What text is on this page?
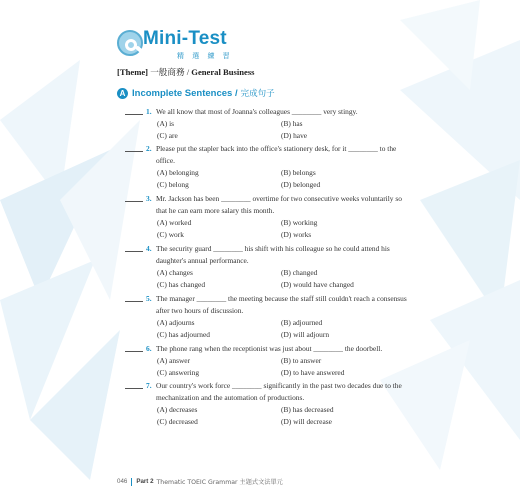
Mini-Test
精 選 練 習
[Theme] 一般商務 / General Business
A Incomplete Sentences / 完成句子
1. We all know that most of Joanna's colleagues ________ very stingy.
(A) is	(B) has
(C) are	(D) have
2. Please put the stapler back into the office's stationery desk, for it ________ to the office.
(A) belonging	(B) belongs
(C) belong	(D) belonged
3. Mr. Jackson has been ________ overtime for two consecutive weeks voluntarily so that he can earn more salary this month.
(A) worked	(B) working
(C) work	(D) works
4. The security guard ________ his shift with his colleague so he could attend his daughter's annual performance.
(A) changes	(B) changed
(C) has changed	(D) would have changed
5. The manager ________ the meeting because the staff still couldn't reach a consensus after two hours of discussion.
(A) adjourns	(B) adjourned
(C) has adjourned	(D) will adjourn
6. The phone rang when the receptionist was just about ________ the doorbell.
(A) answer	(B) to answer
(C) answering	(D) to have answered
7. Our country's work force ________ significantly in the past two decades due to the mechanization and the automation of productions.
(A) decreases	(B) has decreased
(C) decreased	(D) will decrease
046 Part 2 Thematic TOEIC Grammar 主題式文法單元
